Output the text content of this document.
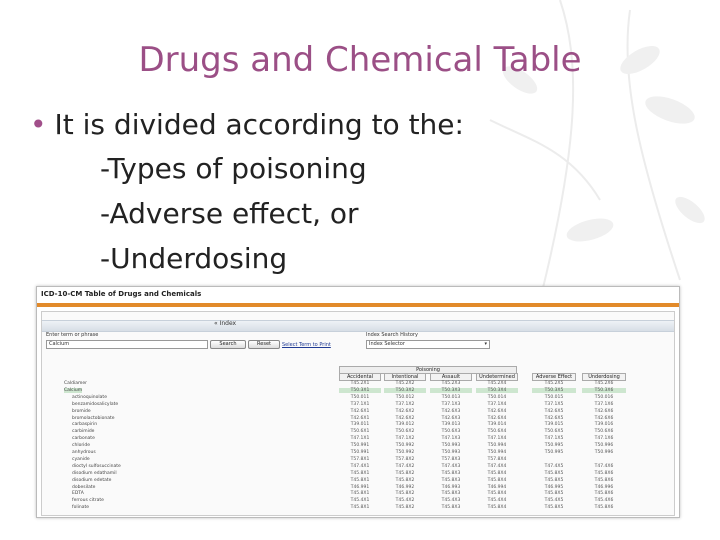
Drugs and Chemical Table
• It is divided according to the:
-Types of poisoning
-Adverse effect, or
-Underdosing
ICD-10-CM Table of Drugs and Chemicals
« Index
Enter term or phrase
Calcium	Search	Reset	Select Term to Print
Index Search History
Index Selector	▾
Poisoning
Accidental	Intentional	Assault	Undetermined	Adverse Effect	Underdosing
Caldiamer	T45.2X1	T45.2X2	T45.2X3	T45.2X4	T45.2X5	T45.2X6
Calcium	T50.3X1	T50.3X2	T50.3X3	T50.3X4	T50.3X5	T50.3X6
actinoquinolate	T50.011	T50.012	T50.013	T50.014	T50.015	T50.016
benzamidosalicylate	T37.1X1	T37.1X2	T37.1X3	T37.1X4	T37.1X5	T37.1X6
bromide	T42.6X1	T42.6X2	T42.6X3	T42.6X4	T42.6X5	T42.6X6
bromolactobionate	T42.6X1	T42.6X2	T42.6X3	T42.6X4	T42.6X5	T42.6X6
carbaspirin	T39.011	T39.012	T39.013	T39.014	T39.015	T39.016
carbimide	T50.6X1	T50.6X2	T50.6X3	T50.6X4	T50.6X5	T50.6X6
carbonate	T47.1X1	T47.1X2	T47.1X3	T47.1X4	T47.1X5	T47.1X6
chloride	T50.991	T50.992	T50.993	T50.994	T50.995	T50.996
anhydrous	T50.991	T50.992	T50.993	T50.994	T50.995	T50.996
cyanide	T57.8X1	T57.8X2	T57.8X3	T57.8X4
dioctyl sulfosuccinate	T47.4X1	T47.4X2	T47.4X3	T47.4X4	T47.4X5	T47.4X6
disodium edathamil	T45.8X1	T45.8X2	T45.8X3	T45.8X4	T45.8X5	T45.8X6
disodium edetate	T45.8X1	T45.8X2	T45.8X3	T45.8X4	T45.8X5	T45.8X6
dobesilate	T46.991	T46.992	T46.993	T46.994	T46.995	T46.996
EDTA	T45.8X1	T45.8X2	T45.8X3	T45.8X4	T45.8X5	T45.8X6
ferrous citrate	T45.4X1	T45.4X2	T45.4X3	T45.4X4	T45.4X5	T45.4X6
folinate	T45.8X1	T45.8X2	T45.8X3	T45.8X4	T45.8X5	T45.8X6
